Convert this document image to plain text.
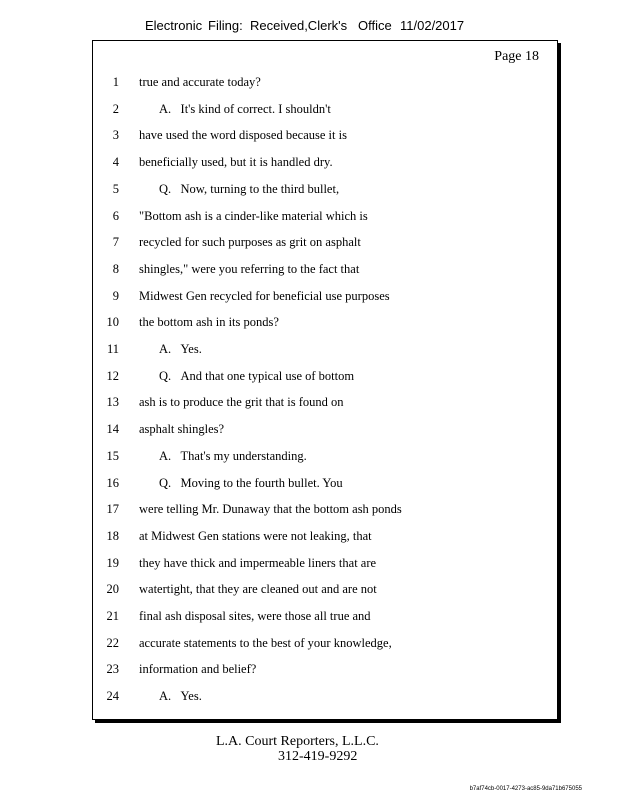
Electronic Filing: Received,Clerk's Office 11/02/2017
Page 18
1 true and accurate today?
2	A.   It's kind of correct. I shouldn't
3 have used the word disposed because it is
4 beneficially used, but it is handled dry.
5	Q.   Now, turning to the third bullet,
6 "Bottom ash is a cinder-like material which is
7 recycled for such purposes as grit on asphalt
8 shingles," were you referring to the fact that
9 Midwest Gen recycled for beneficial use purposes
10 the bottom ash in its ponds?
11	A.   Yes.
12	Q.   And that one typical use of bottom
13 ash is to produce the grit that is found on
14 asphalt shingles?
15	A.   That's my understanding.
16	Q.   Moving to the fourth bullet. You
17 were telling Mr. Dunaway that the bottom ash ponds
18 at Midwest Gen stations were not leaking, that
19 they have thick and impermeable liners that are
20 watertight, that they are cleaned out and are not
21 final ash disposal sites, were those all true and
22 accurate statements to the best of your knowledge,
23 information and belief?
24	A.   Yes.
L.A. Court Reporters, L.L.C.
312-419-9292
b7af74cb-0017-4273-ac85-9da71b675055
